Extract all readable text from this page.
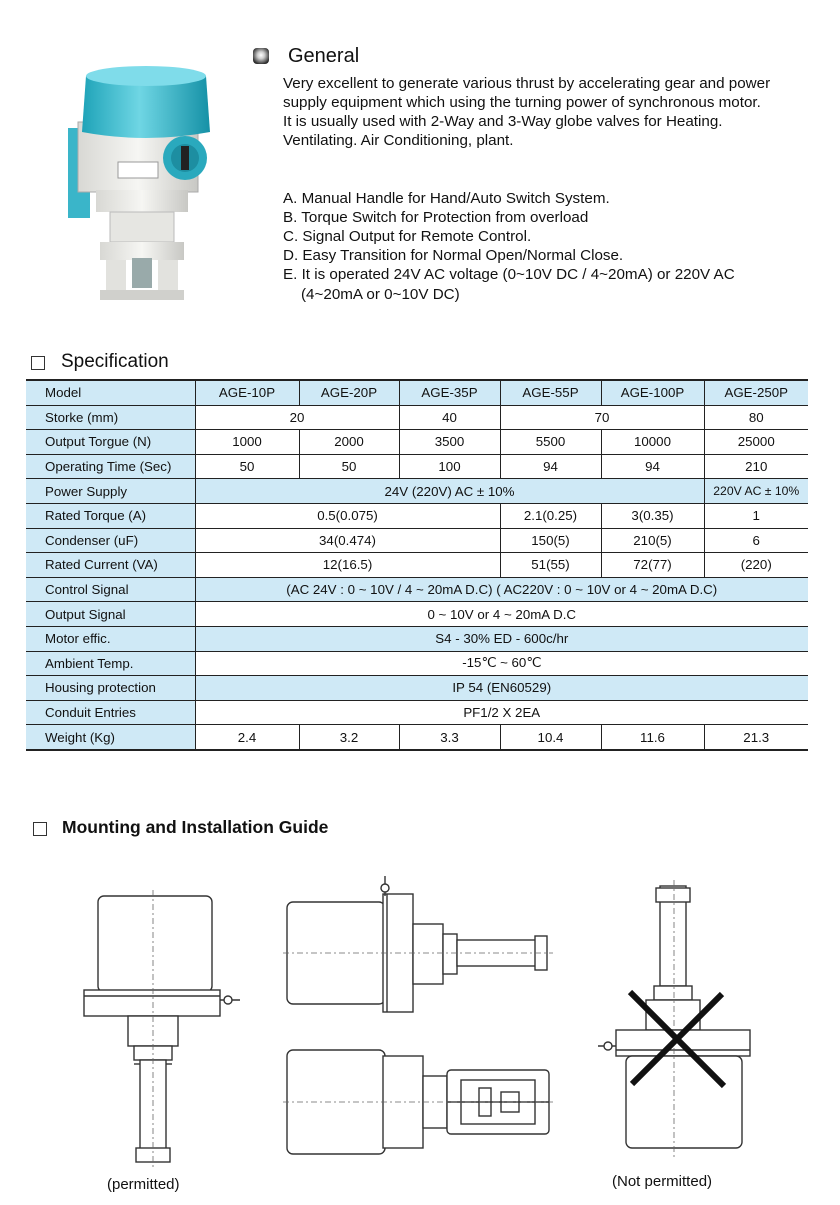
General
Very excellent to generate various thrust by accelerating gear and power
supply equipment which using the turning power of synchronous motor.
It is usually used with 2-Way and 3-Way globe valves for Heating.
Ventilating. Air Conditioning, plant.
A. Manual Handle for Hand/Auto Switch System.
B. Torque Switch for Protection from overload
C. Signal Output for Remote Control.
D. Easy Transition for Normal Open/Normal Close.
E. It is operated 24V AC voltage (0~10V DC / 4~20mA) or 220V AC
(4~20mA or 0~10V DC)
Specification
Model	AGE-10P	AGE-20P	AGE-35P	AGE-55P	AGE-100P	AGE-250P
Storke (mm)	20		40	70		80
Output Torgue (N)	1000	2000	3500	5500	10000	25000
Operating Time (Sec)	50	50	100	94	94	210
Power Supply	24V (220V) AC ± 10%					220V AC ± 10%
Rated Torque (A)	0.5(0.075)			2.1(0.25)	3(0.35)	1
Condenser (uF)	34(0.474)			150(5)	210(5)	6
Rated Current (VA)	12(16.5)			51(55)	72(77)	(220)
Control Signal	(AC 24V : 0 ~ 10V / 4 ~ 20mA D.C) ( AC220V : 0 ~ 10V or 4 ~ 20mA D.C)					
Output Signal	0 ~ 10V or 4 ~ 20mA D.C					
Motor effic.	S4 - 30% ED - 600c/hr					
Ambient Temp.	-15℃ ~ 60℃					
Housing protection	IP 54 (EN60529)					
Conduit Entries	PF1/2 X 2EA					
Weight (Kg)	2.4	3.2	3.3	10.4	11.6	21.3
Mounting and Installation Guide
(permitted)	(Not permitted)
